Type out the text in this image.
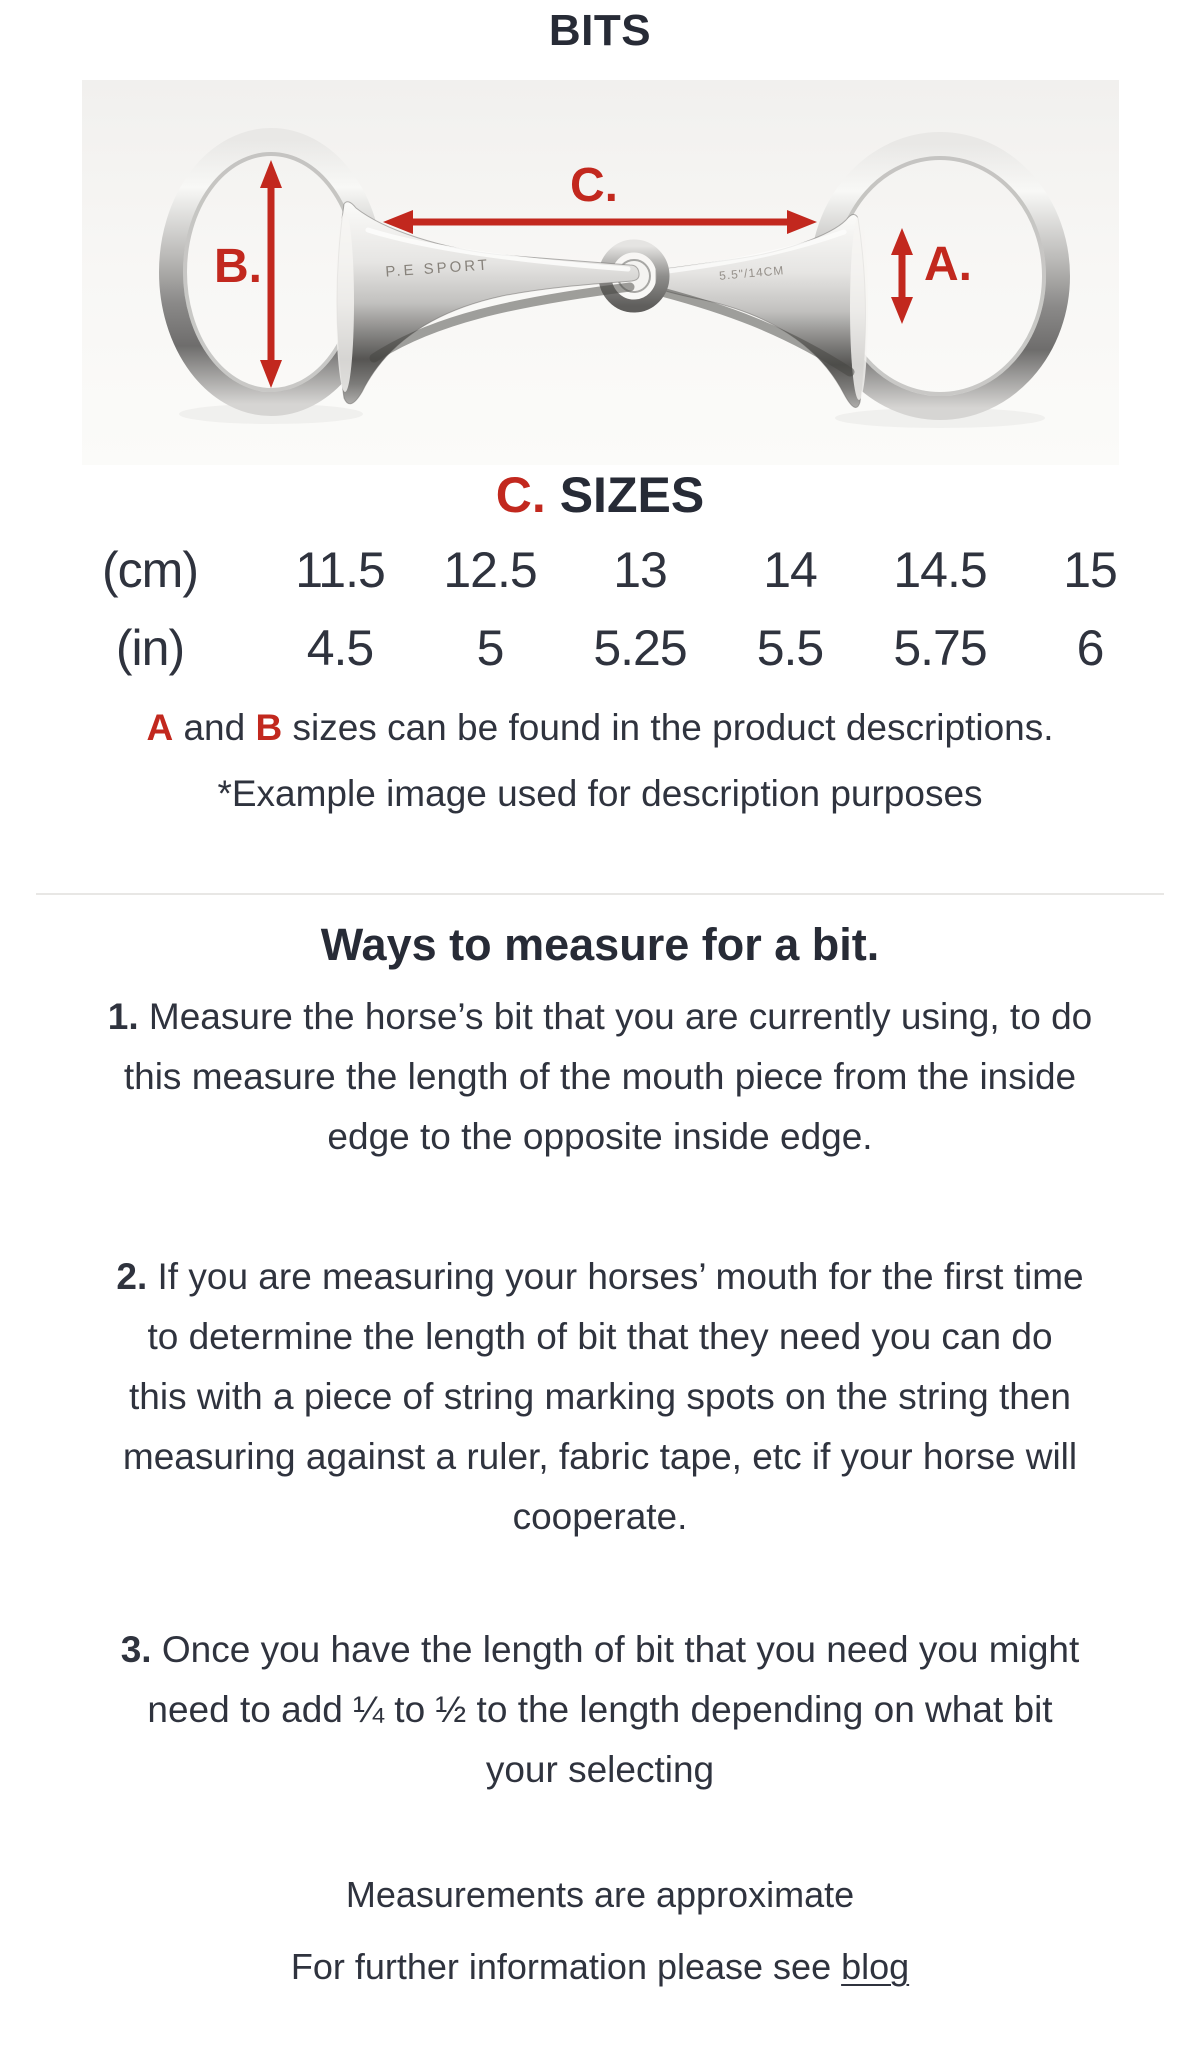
BITS
5.5"/14CM
P.E SPORT
B.
C.
A.
C. SIZES
(cm)	11.5	12.5	13	14	14.5	15
(in)	4.5	5	5.25	5.5	5.75	6

A and B sizes can be found in the product descriptions.

*Example image used for description purposes

Ways to measure for a bit.

1. Measure the horse’s bit that you are currently using, to do
this measure the length of the mouth piece from the inside
edge to the opposite inside edge.

2. If you are measuring your horses’ mouth for the first time
to determine the length of bit that they need you can do
this with a piece of string marking spots on the string then
measuring against a ruler, fabric tape, etc if your horse will
cooperate.

3. Once you have the length of bit that you need you might
need to add ¼ to ½ to the length depending on what bit
your selecting

Measurements are approximate

For further information please see blog
